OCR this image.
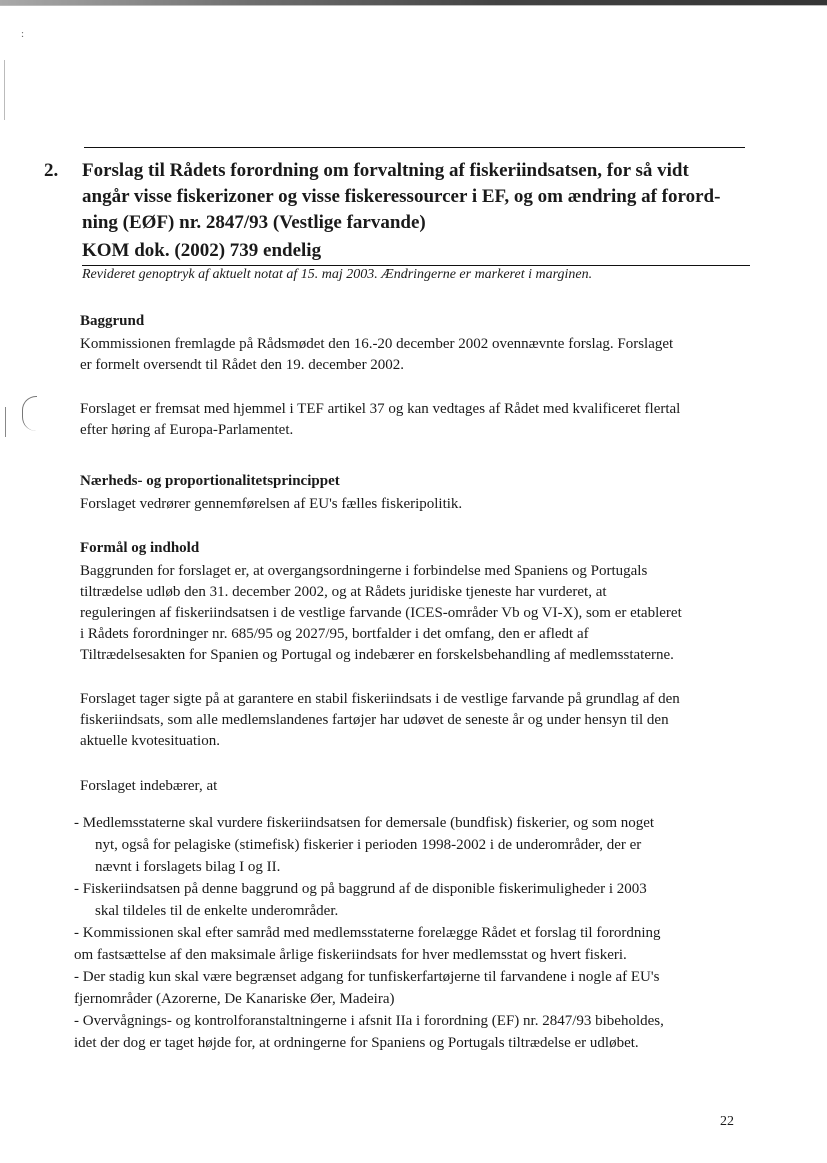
:
2. Forslag til Rådets forordning om forvaltning af fiskeriindsatsen, for så vidt
angår visse fiskerizoner og visse fiskeressourcer i EF, og om ændring af forord-
ning (EØF) nr. 2847/93 (Vestlige farvande)
KOM dok. (2002) 739 endelig
Revideret genoptryk af aktuelt notat af 15. maj 2003. Ændringerne er markeret i marginen.
Baggrund

Kommissionen fremlagde på Rådsmødet den 16.-20 december 2002 ovennævnte forslag. Forslaget
er formelt oversendt til Rådet den 19. december 2002.

Forslaget er fremsat med hjemmel i TEF artikel 37 og kan vedtages af Rådet med kvalificeret flertal
efter høring af Europa-Parlamentet.

Nærheds- og proportionalitetsprincippet

Forslaget vedrører gennemførelsen af EU's fælles fiskeripolitik.

Formål og indhold

Baggrunden for forslaget er, at overgangsordningerne i forbindelse med Spaniens og Portugals
tiltrædelse udløb den 31. december 2002, og at Rådets juridiske tjeneste har vurderet, at
reguleringen af fiskeriindsatsen i de vestlige farvande (ICES-områder Vb og VI-X), som er etableret
i Rådets forordninger nr. 685/95 og 2027/95, bortfalder i det omfang, den er afledt af
Tiltrædelsesakten for Spanien og Portugal og indebærer en forskelsbehandling af medlemsstaterne.

Forslaget tager sigte på at garantere en stabil fiskeriindsats i de vestlige farvande på grundlag af den
fiskeriindsats, som alle medlemslandenes fartøjer har udøvet de seneste år og under hensyn til den
aktuelle kvotesituation.

Forslaget indebærer, at

- Medlemsstaterne skal vurdere fiskeriindsatsen for demersale (bundfisk) fiskerier, og som noget
nyt, også for pelagiske (stimefisk) fiskerier i perioden 1998-2002 i de underområder, der er
nævnt i forslagets bilag I og II.
- Fiskeriindsatsen på denne baggrund og på baggrund af de disponible fiskerimuligheder i 2003
skal tildeles til de enkelte underområder.
- Kommissionen skal efter samråd med medlemsstaterne forelægge Rådet et forslag til forordning
om fastsættelse af den maksimale årlige fiskeriindsats for hver medlemsstat og hvert fiskeri.
- Der stadig kun skal være begrænset adgang for tunfiskerfartøjerne til farvandene i nogle af EU's
fjernområder (Azorerne, De Kanariske Øer, Madeira)
- Overvågnings- og kontrolforanstaltningerne i afsnit IIa i forordning (EF) nr. 2847/93 bibeholdes,
idet der dog er taget højde for, at ordningerne for Spaniens og Portugals tiltrædelse er udløbet.
22
